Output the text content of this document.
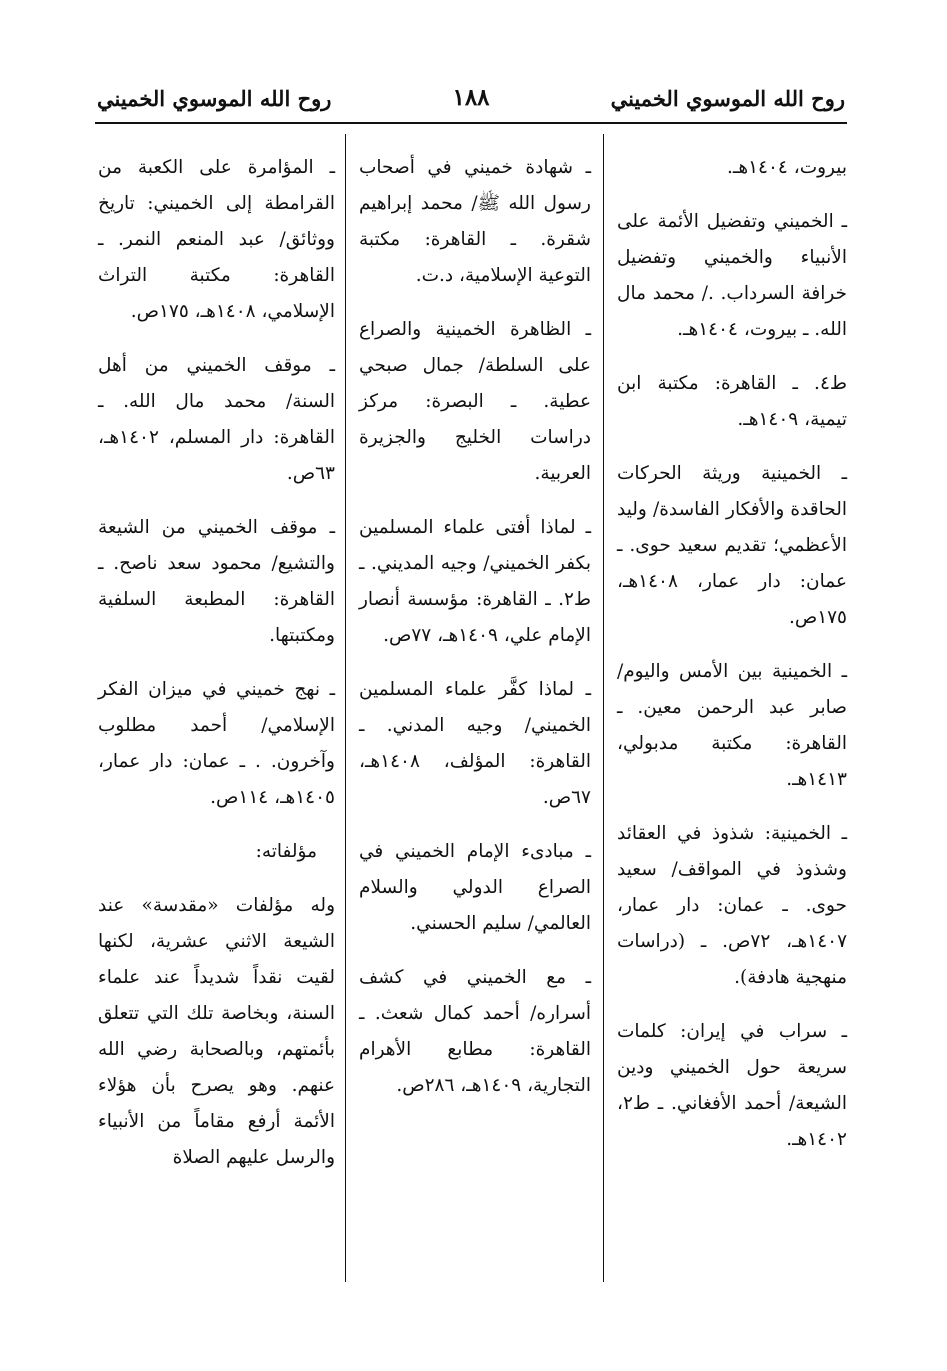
روح الله الموسوي الخميني
١٨٨
روح الله الموسوي الخميني

بيروت، ١٤٠٤هـ.

ـ الخميني وتفضيل الأئمة على الأنبياء والخميني وتفضيل خرافة السرداب. ./ محمد مال الله. ـ بيروت، ١٤٠٤هـ.

ط٤. ـ القاهرة: مكتبة ابن تيمية، ١٤٠٩هـ.

ـ الخمينية وريثة الحركات الحاقدة والأفكار الفاسدة/ وليد الأعظمي؛ تقديم سعيد حوى. ـ عمان: دار عمار، ١٤٠٨هـ، ١٧٥ص.

ـ الخمينية بين الأمس واليوم/ صابر عبد الرحمن معين. ـ القاهرة: مكتبة مدبولي، ١٤١٣هـ.

ـ الخمينية: شذوذ في العقائد وشذوذ في المواقف/ سعيد حوى. ـ عمان: دار عمار، ١٤٠٧هـ، ٧٢ص. ـ (دراسات منهجية هادفة).

ـ سراب في إيران: كلمات سريعة حول الخميني ودين الشيعة/ أحمد الأفغاني. ـ ط٢، ١٤٠٢هـ.

ـ شهادة خميني في أصحاب رسول الله ﷺ/ محمد إبراهيم شقرة. ـ القاهرة: مكتبة التوعية الإسلامية، د.ت.

ـ الظاهرة الخمينية والصراع على السلطة/ جمال صبحي عطية. ـ البصرة: مركز دراسات الخليج والجزيرة العربية.

ـ لماذا أفتى علماء المسلمين بكفر الخميني/ وجيه المديني. ـ ط٢. ـ القاهرة: مؤسسة أنصار الإمام علي، ١٤٠٩هـ، ٧٧ص.

ـ لماذا كفَّر علماء المسلمين الخميني/ وجيه المدني. ـ القاهرة: المؤلف، ١٤٠٨هـ، ٦٧ص.

ـ مبادىء الإمام الخميني في الصراع الدولي والسلام العالمي/ سليم الحسني.

ـ مع الخميني في كشف أسراره/ أحمد كمال شعث. ـ القاهرة: مطابع الأهرام التجارية، ١٤٠٩هـ، ٢٨٦ص.

ـ المؤامرة على الكعبة من القرامطة إلى الخميني: تاريخ ووثائق/ عبد المنعم النمر. ـ القاهرة: مكتبة التراث الإسلامي، ١٤٠٨هـ، ١٧٥ص.

ـ موقف الخميني من أهل السنة/ محمد مال الله. ـ القاهرة: دار المسلم، ١٤٠٢هـ، ٦٣ص.

ـ موقف الخميني من الشيعة والتشيع/ محمود سعد ناصح. ـ القاهرة: المطبعة السلفية ومكتبتها.

ـ نهج خميني في ميزان الفكر الإسلامي/ أحمد مطلوب وآخرون. . ـ عمان: دار عمار، ١٤٠٥هـ، ١١٤ص.

مؤلفاته:

وله مؤلفات «مقدسة» عند الشيعة الاثني عشرية، لكنها لقيت نقداً شديداً عند علماء السنة، وبخاصة تلك التي تتعلق بأئمتهم، وبالصحابة رضي الله عنهم. وهو يصرح بأن هؤلاء الأئمة أرفع مقاماً من الأنبياء والرسل عليهم الصلاة
